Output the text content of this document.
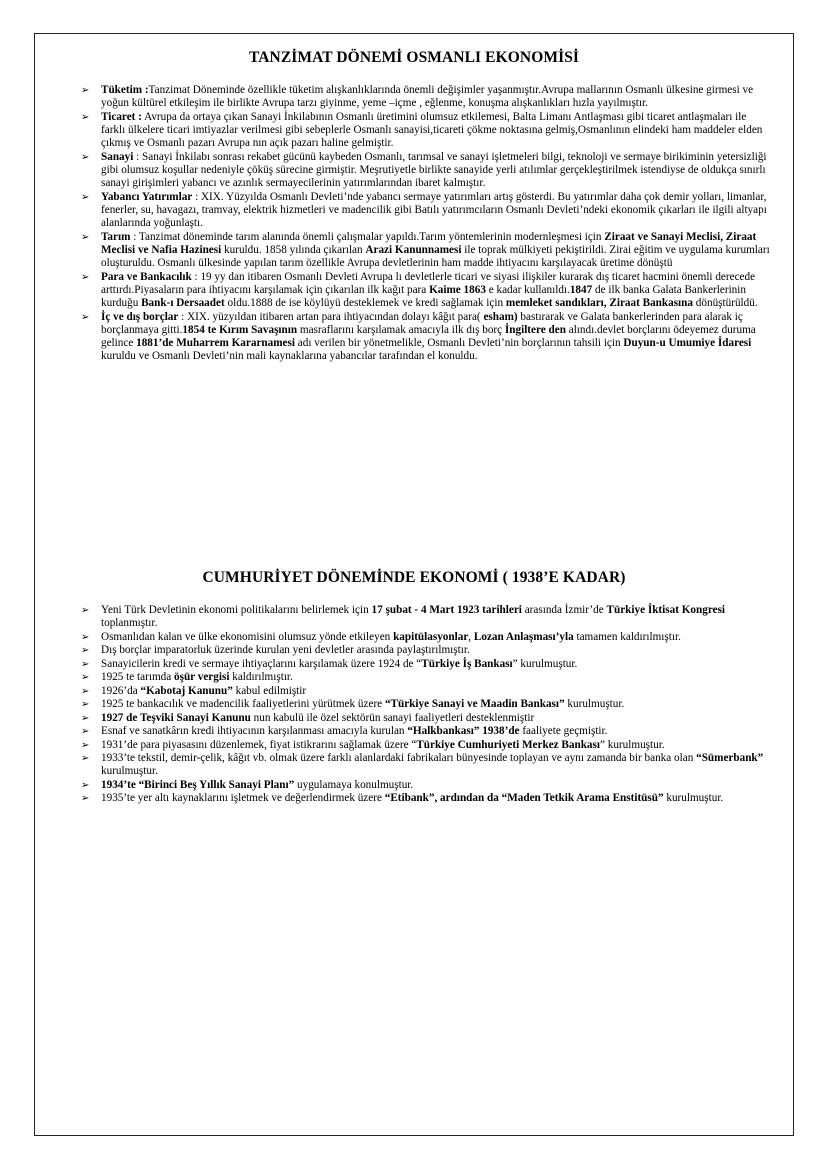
TANZİMAT DÖNEMİ OSMANLI EKONOMİSİ
➢ Tüketim :Tanzimat Döneminde özellikle tüketim alışkanlıklarında önemli değişimler yaşanmıştır.Avrupa mallarının Osmanlı ülkesine girmesi ve yoğun kültürel etkileşim ile birlikte Avrupa tarzı giyinme, yeme –içme , eğlenme, konuşma alışkanlıkları hızla yayılmıştır.
➢ Ticaret : Avrupa da ortaya çıkan Sanayi İnkilabının Osmanlı üretimini olumsuz etkilemesi, Balta Limanı Antlaşması gibi ticaret antlaşmaları ile farklı ülkelere ticari imtiyazlar verilmesi gibi sebeplerle Osmanlı sanayisi,ticareti çökme noktasına gelmiş,Osmanlının elindeki ham maddeler elden çıkmış ve Osmanlı pazarı Avrupa nın açık pazarı haline gelmiştir.
➢ Sanayi : Sanayi İnkilabı sonrası rekabet gücünü kaybeden Osmanlı, tarımsal ve sanayi işletmeleri bilgi, teknoloji ve sermaye birikiminin yetersizliği gibi olumsuz koşullar nedeniyle çöküş sürecine girmiştir. Meşrutiyetle birlikte sanayide yerli atılımlar gerçekleştirilmek istendiyse de oldukça sınırlı sanayi girişimleri yabancı ve azınlık sermayecilerinin yatırımlarından ibaret kalmıştır.
➢ Yabancı Yatırımlar : XIX. Yüzyılda Osmanlı Devleti’nde yabancı sermaye yatırımları artış gösterdi. Bu yatırımlar daha çok demir yolları, limanlar, fenerler, su, havagazı, tramvay, elektrik hizmetleri ve madencilik gibi Batılı yatırımcıların Osmanlı Devleti’ndeki ekonomik çıkarları ile ilgili altyapı alanlarında yoğunlaştı.
➢ Tarım : Tanzimat döneminde tarım alanında önemli çalışmalar yapıldı.Tarım yöntemlerinin modernleşmesi için Ziraat ve Sanayi Meclisi, Ziraat Meclisi ve Nafia Hazinesi kuruldu. 1858 yılında çıkarılan Arazi Kanunnamesi ile toprak mülkiyeti pekiştirildi. Zirai eğitim ve uygulama kurumları oluşturuldu. Osmanlı ülkesinde yapılan tarım özellikle Avrupa devletlerinin ham madde ihtiyacını karşılayacak üretime dönüştü
➢ Para ve Bankacılık : 19 yy dan itibaren Osmanlı Devleti Avrupa lı devletlerle ticari ve siyasi ilişkiler kurarak dış ticaret hacmini önemli derecede arttırdı.Piyasaların para ihtiyacını karşılamak için çıkarılan ilk kağıt para Kaime 1863 e kadar kullanıldı.1847 de ilk banka Galata Bankerlerinin kurduğu Bank-ı Dersaadet oldu.1888 de ise köylüyü desteklemek ve kredi sağlamak için memleket sandıkları, Ziraat Bankasına dönüştürüldü.
➢ İç ve dış borçlar : XIX. yüzyıldan itibaren artan para ihtiyacından dolayı kâğıt para( esham) bastırarak ve Galata bankerlerinden para alarak iç borçlanmaya gitti.1854 te Kırım Savaşının masraflarını karşılamak amacıyla ilk dış borç İngiltere den alındı.devlet borçlarını ödeyemez duruma gelince 1881’de Muharrem Kararnamesi adı verilen bir yönetmelikle, Osmanlı Devleti’nin borçlarının tahsili için Duyun-u Umumiye İdaresi kuruldu ve Osmanlı Devleti’nin mali kaynaklarına yabancılar tarafından el konuldu.
CUMHURİYET DÖNEMİNDE EKONOMİ ( 1938’E KADAR)
➢ Yeni Türk Devletinin ekonomi politikalarını belirlemek için 17 şubat - 4 Mart 1923 tarihleri arasında İzmir’de Türkiye İktisat Kongresi toplanmıştır.
➢ Osmanlıdan kalan ve ülke ekonomisini olumsuz yönde etkileyen kapitülasyonlar, Lozan Anlaşması’yla tamamen kaldırılmıştır.
➢ Dış borçlar imparatorluk üzerinde kurulan yeni devletler arasında paylaştırılmıştır.
➢ Sanayicilerin kredi ve sermaye ihtiyaçlarını karşılamak üzere 1924 de “Türkiye İş Bankası” kurulmuştur.
➢ 1925 te tarımda öşür vergisi kaldırılmıştır.
➢ 1926’da “Kabotaj Kanunu” kabul edilmiştir
➢ 1925 te bankacılık ve madencilik faaliyetlerini yürütmek üzere “Türkiye Sanayi ve Maadin Bankası” kurulmuştur.
➢ 1927 de Teşviki Sanayi Kanunu nun kabulü ile özel sektörün sanayi faaliyetleri desteklenmiştir
➢ Esnaf ve sanatkârın kredi ihtiyacının karşılanması amacıyla kurulan “Halkbankası” 1938’de faaliyete geçmiştir.
➢ 1931’de para piyasasını düzenlemek, fiyat istikrarını sağlamak üzere “Türkiye Cumhuriyeti Merkez Bankası” kurulmuştur.
➢ 1933’te tekstil, demir-çelik, kâğıt vb. olmak üzere farklı alanlardaki fabrikaları bünyesinde toplayan ve aynı zamanda bir banka olan “Sümerbank” kurulmuştur.
➢ 1934’te “Birinci Beş Yıllık Sanayi Planı” uygulamaya konulmuştur.
➢ 1935’te yer altı kaynaklarını işletmek ve değerlendirmek üzere “Etibank”, ardından da “Maden Tetkik Arama Enstitüsü” kurulmuştur.
